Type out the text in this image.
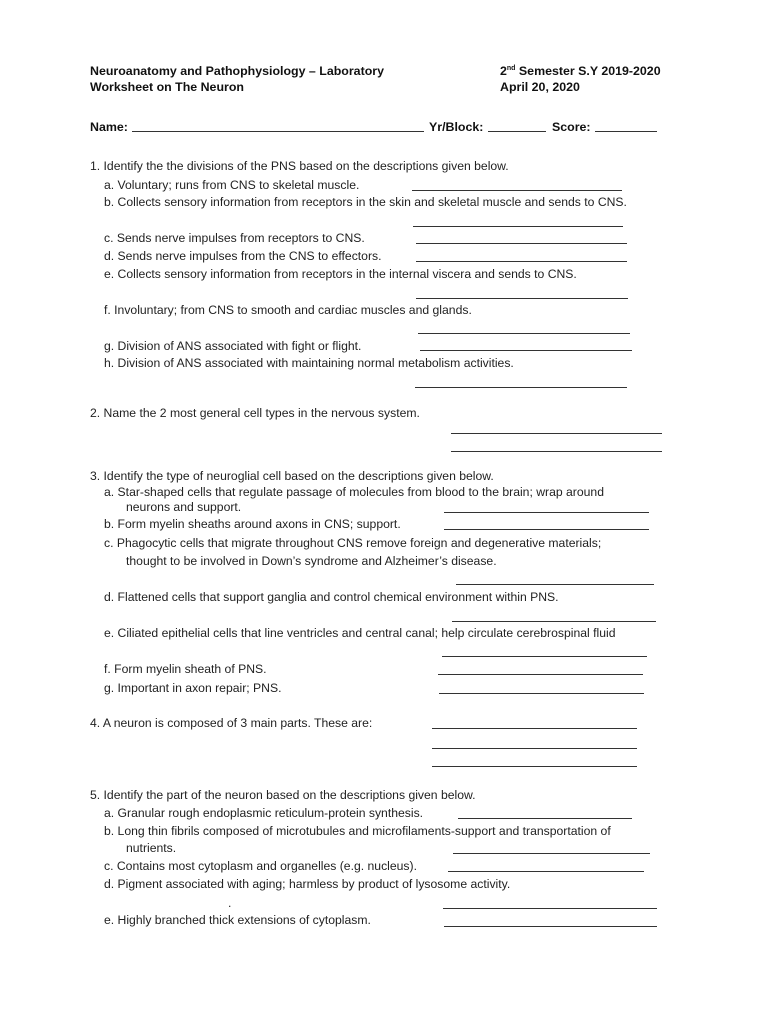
Neuroanatomy and Pathophysiology – Laboratory
Worksheet on The Neuron
2nd Semester S.Y 2019-2020
April 20, 2020
Name:	Yr/Block:	Score:
1. Identify the the divisions of the PNS based on the descriptions given below.
a. Voluntary; runs from CNS to skeletal muscle.
b. Collects sensory information from receptors in the skin and skeletal muscle and sends to CNS.
c. Sends nerve impulses from receptors to CNS.
d. Sends nerve impulses from the CNS to effectors.
e. Collects sensory information from receptors in the internal viscera and sends to CNS.
f. Involuntary; from CNS to smooth and cardiac muscles and glands.
g. Division of ANS associated with fight or flight.
h. Division of ANS associated with maintaining normal metabolism activities.
2. Name the 2 most general cell types in the nervous system.
3. Identify the type of neuroglial cell based on the descriptions given below.
a. Star-shaped cells that regulate passage of molecules from blood to the brain; wrap around
neurons and support.
b. Form myelin sheaths around axons in CNS; support.
c. Phagocytic cells that migrate throughout CNS remove foreign and degenerative materials;
thought to be involved in Down’s syndrome and Alzheimer’s disease.
d. Flattened cells that support ganglia and control chemical environment within PNS.
e. Ciliated epithelial cells that line ventricles and central canal; help circulate cerebrospinal fluid
f. Form myelin sheath of PNS.
g. Important in axon repair; PNS.
4. A neuron is composed of 3 main parts. These are:
5. Identify the part of the neuron based on the descriptions given below.
a. Granular rough endoplasmic reticulum-protein synthesis.
b. Long thin fibrils composed of microtubules and microfilaments-support and transportation of
nutrients.
c. Contains most cytoplasm and organelles (e.g. nucleus).
d. Pigment associated with aging; harmless by product of lysosome activity.
.
e. Highly branched thick extensions of cytoplasm.
